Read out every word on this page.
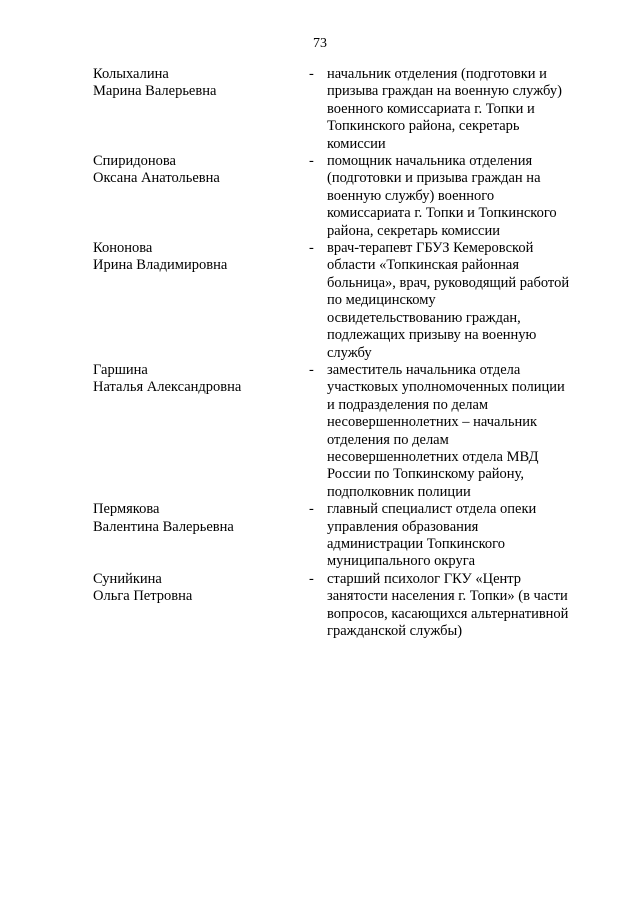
73
Колыхалина
Марина Валерьевна
- начальник отделения (подготовки и
призыва граждан на военную службу)
военного комиссариата г. Топки и
Топкинского района, секретарь
комиссии
Спиридонова
Оксана Анатольевна
- помощник начальника отделения
(подготовки и призыва граждан на
военную службу) военного
комиссариата г. Топки и Топкинского
района, секретарь комиссии
Кононова
Ирина Владимировна
- врач-терапевт ГБУЗ Кемеровской
области «Топкинская районная
больница», врач, руководящий работой
по медицинскому
освидетельствованию граждан,
подлежащих призыву на военную
службу
Гаршина
Наталья Александровна
- заместитель начальника отдела
участковых уполномоченных полиции
и подразделения по делам
несовершеннолетних – начальник
отделения по делам
несовершеннолетних отдела МВД
России по Топкинскому району,
подполковник полиции
Пермякова
Валентина Валерьевна
- главный специалист отдела опеки
управления образования
администрации Топкинского
муниципального округа
Сунийкина
Ольга Петровна
- старший психолог ГКУ «Центр
занятости населения г. Топки» (в части
вопросов, касающихся альтернативной
гражданской службы)
